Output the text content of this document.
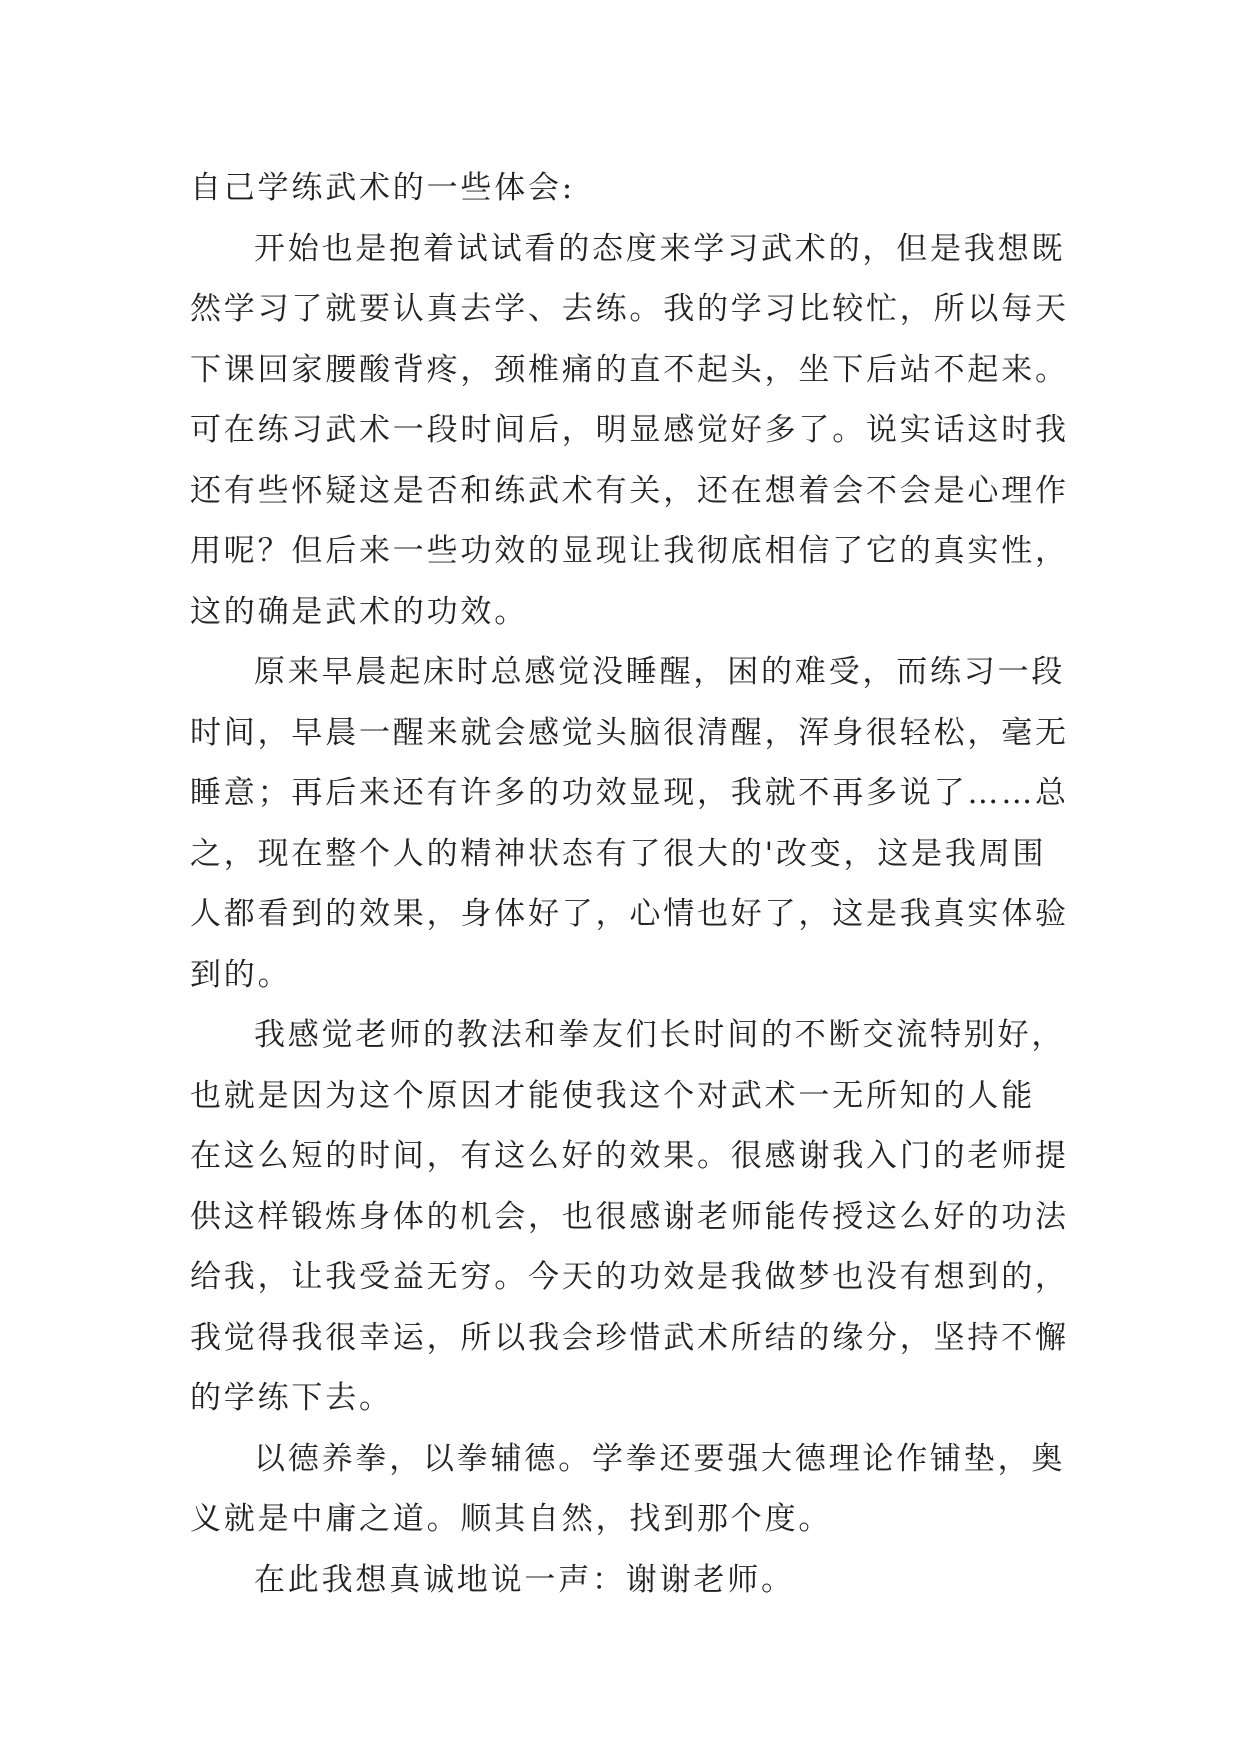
自己学练武术的一些体会:
开始也是抱着试试看的态度来学习武术的，但是我想既
然学习了就要认真去学、去练。我的学习比较忙，所以每天
下课回家腰酸背疼，颈椎痛的直不起头，坐下后站不起来。
可在练习武术一段时间后，明显感觉好多了。说实话这时我
还有些怀疑这是否和练武术有关，还在想着会不会是心理作
用呢？但后来一些功效的显现让我彻底相信了它的真实性，
这的确是武术的功效。
原来早晨起床时总感觉没睡醒，困的难受，而练习一段
时间，早晨一醒来就会感觉头脑很清醒，浑身很轻松，毫无
睡意；再后来还有许多的功效显现，我就不再多说了……总
之，现在整个人的精神状态有了很大的'改变，这是我周围
人都看到的效果，身体好了，心情也好了，这是我真实体验
到的。
我感觉老师的教法和拳友们长时间的不断交流特别好，
也就是因为这个原因才能使我这个对武术一无所知的人能
在这么短的时间，有这么好的效果。很感谢我入门的老师提
供这样锻炼身体的机会，也很感谢老师能传授这么好的功法
给我，让我受益无穷。今天的功效是我做梦也没有想到的，
我觉得我很幸运，所以我会珍惜武术所结的缘分，坚持不懈
的学练下去。
以德养拳，以拳辅德。学拳还要强大德理论作铺垫，奥
义就是中庸之道。顺其自然，找到那个度。
在此我想真诚地说一声：谢谢老师。
